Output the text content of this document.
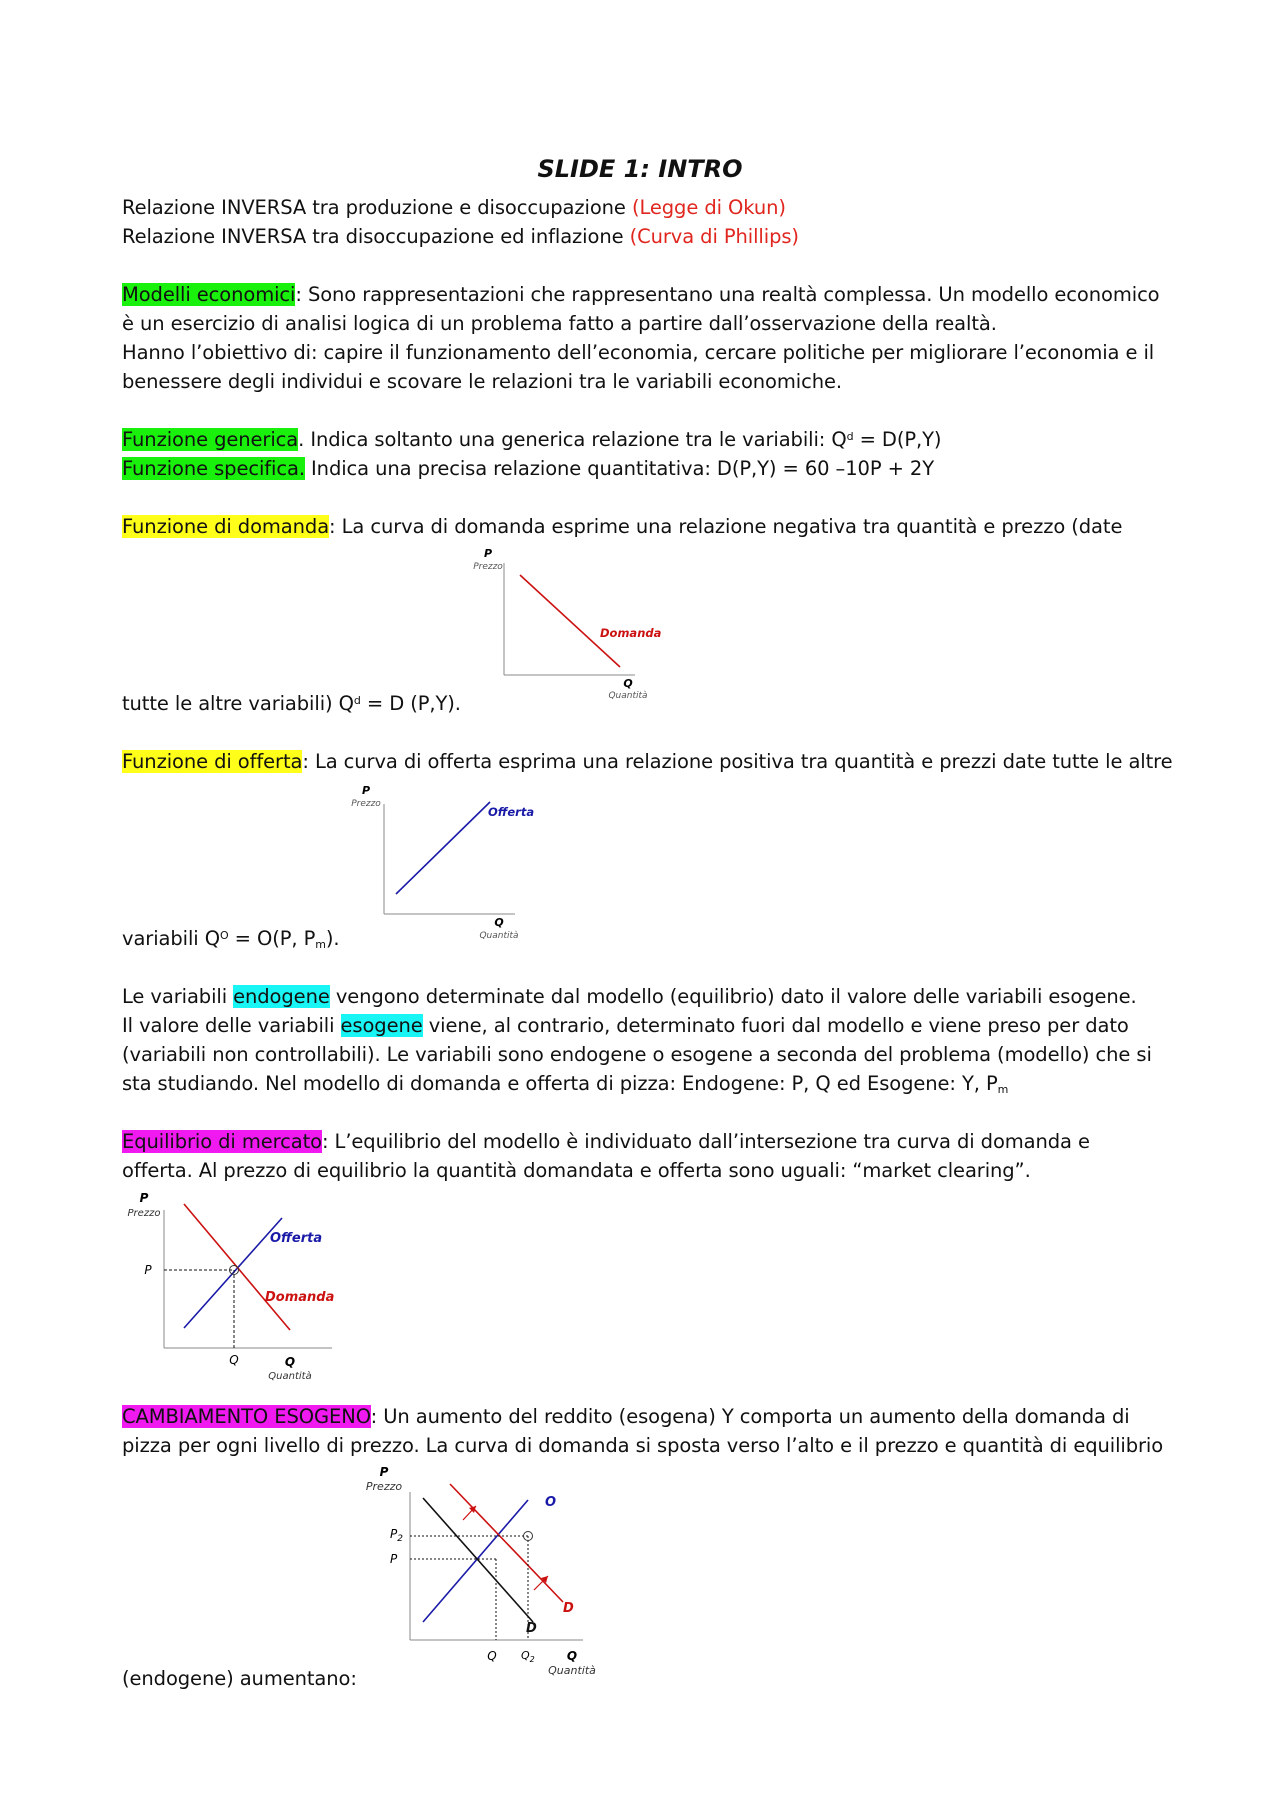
SLIDE 1: INTRO
Relazione INVERSA tra produzione e disoccupazione (Legge di Okun)
Relazione INVERSA tra disoccupazione ed inflazione (Curva di Phillips)
Modelli economici: Sono rappresentazioni che rappresentano una realtà complessa. Un modello economico
è un esercizio di analisi logica di un problema fatto a partire dall’osservazione della realtà.
Hanno l’obiettivo di: capire il funzionamento dell’economia, cercare politiche per migliorare l’economia e il
benessere degli individui e scovare le relazioni tra le variabili economiche.
Funzione generica. Indica soltanto una generica relazione tra le variabili: $Q^d = D(P,Y)$
Funzione specifica. Indica una precisa relazione quantitativa: D(P,Y) = 60 –10P + 2Y
Funzione di domanda: La curva di domanda esprime una relazione negativa tra quantità e prezzo (date
P
Prezzo
Domanda
Q
Quantità
tutte le altre variabili) $Q^d = D$ (P,Y).
Funzione di offerta: La curva di offerta esprima una relazione positiva tra quantità e prezzi date tutte le altre
P
Prezzo
Offerta
Q
Quantità
variabili $Q^O = O(P$, $P_m$).
Le variabili endogene vengono determinate dal modello (equilibrio) dato il valore delle variabili esogene.
Il valore delle variabili esogene viene, al contrario, determinato fuori dal modello e viene preso per dato
(variabili non controllabili). Le variabili sono endogene o esogene a seconda del problema (modello) che si
sta studiando. Nel modello di domanda e offerta di pizza: Endogene: P, Q ed Esogene: Y, $P_m$
Equilibrio di mercato: L’equilibrio del modello è individuato dall’intersezione tra curva di domanda e
offerta. Al prezzo di equilibrio la quantità domandata e offerta sono uguali: “market clearing”.
P
Prezzo
Offerta
Domanda
P
Q	Q
Quantità
CAMBIAMENTO ESOGENO: Un aumento del reddito (esogena) Y comporta un aumento della domanda di
pizza per ogni livello di prezzo. La curva di domanda si sposta verso l’alto e il prezzo e quantità di equilibrio
P
Prezzo
O
D
D
$P_2$
P
Q $Q_2$	Q
Quantità
(endogene) aumentano:
